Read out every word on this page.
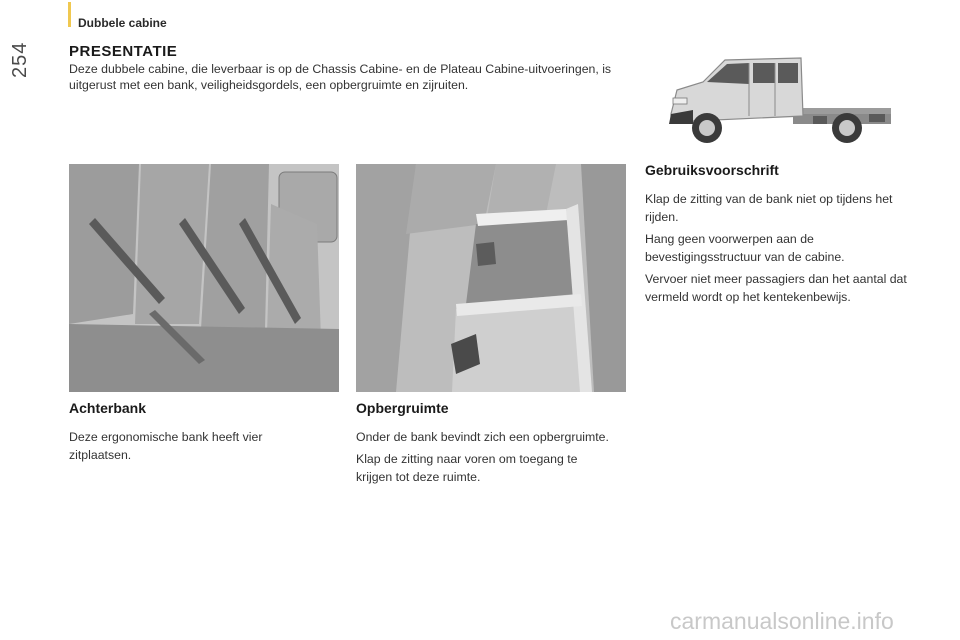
254
Dubbele cabine
PRESENTATIE
Deze dubbele cabine, die leverbaar is op de Chassis Cabine- en de Plateau Cabine-uitvoeringen, is uitgerust met een bank, veiligheidsgordels, een opbergruimte en zijruiten.
Achterbank

Deze ergonomische bank heeft vier zitplaatsen.

Opbergruimte

Onder de bank bevindt zich een opbergruimte.

Klap de zitting naar voren om toegang te krijgen tot deze ruimte.

Gebruiksvoorschrift

Klap de zitting van de bank niet op tijdens het rijden.

Hang geen voorwerpen aan de bevestigingsstructuur van de cabine.

Vervoer niet meer passagiers dan het aantal dat vermeld wordt op het kentekenbewijs.

carmanualsonline.info
